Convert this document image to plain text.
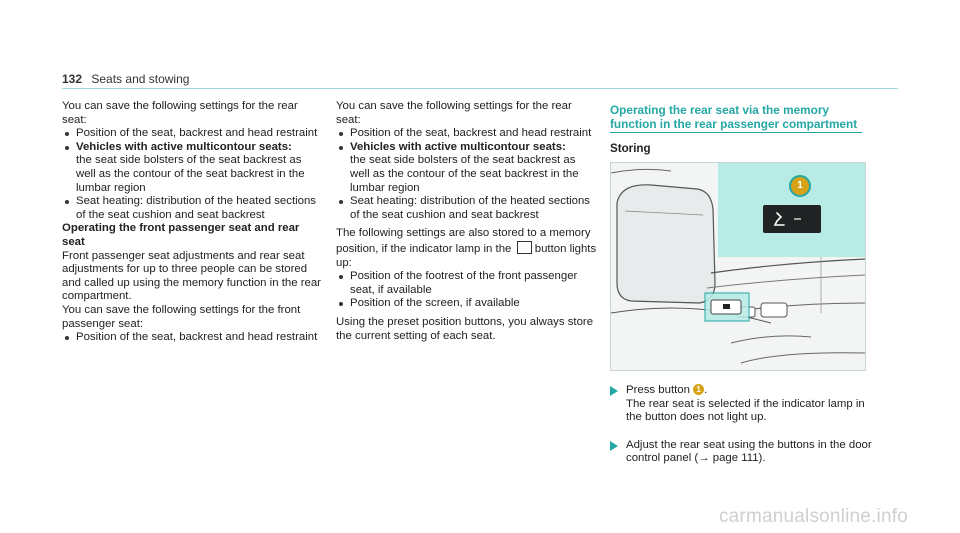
132 Seats and stowing

You can save the following settings for the rear seat:

Position of the seat, backrest and head restraint
Vehicles with active multicontour seats:
the seat side bolsters of the seat backrest as well as the contour of the seat backrest in the lumbar region
Seat heating: distribution of the heated sections of the seat cushion and seat backrest

Operating the front passenger seat and rear seat

Front passenger seat adjustments and rear seat adjustments for up to three people can be stored and called up using the memory function in the rear compartment.

You can save the following settings for the front passenger seat:

Position of the seat, backrest and head restraint

You can save the following settings for the rear seat:

Position of the seat, backrest and head restraint
Vehicles with active multicontour seats:
the seat side bolsters of the seat backrest as well as the contour of the seat backrest in the lumbar region
Seat heating: distribution of the heated sections of the seat cushion and seat backrest

The following settings are also stored to a memory position, if the indicator lamp in the button lights up:

Position of the footrest of the front passenger seat, if available
Position of the screen, if available

Using the preset position buttons, you always store the current setting of each seat.

Operating the rear seat via the memory function in the rear passenger compartment
Storing
1
Press button 1 .
The rear seat is selected if the indicator lamp in the button does not light up.
Adjust the rear seat using the buttons in the door control panel (→ page 111).
carmanualsonline.info
